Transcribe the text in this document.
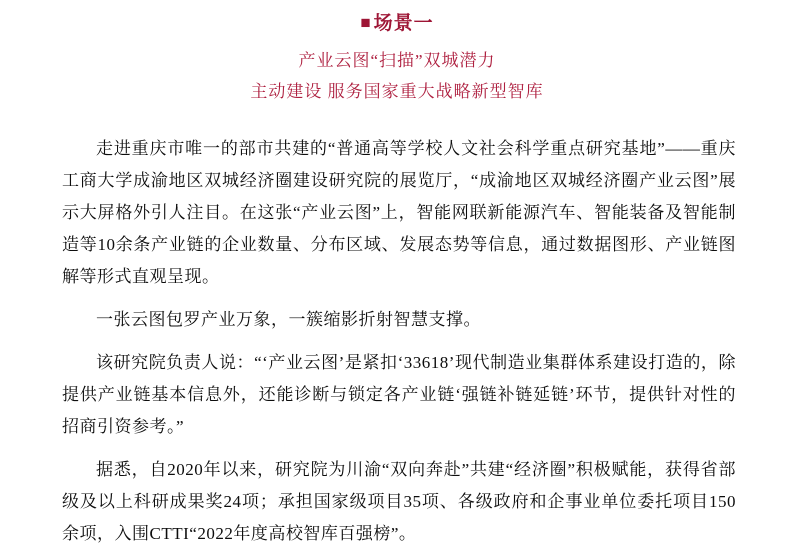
■ 场景一
产业云图“扫描”双城潜力
主动建设 服务国家重大战略新型智库

走进重庆市唯一的部市共建的“普通高等学校人文社会科学重点研究基地”——重庆工商大学成渝地区双城经济圈建设研究院的展览厅，“成渝地区双城经济圈产业云图”展示大屏格外引人注目。在这张“产业云图”上，智能网联新能源汽车、智能装备及智能制造等10余条产业链的企业数量、分布区域、发展态势等信息，通过数据图形、产业链图解等形式直观呈现。

一张云图包罗产业万象，一簇缩影折射智慧支撑。

该研究院负责人说：“‘产业云图’是紧扣‘33618’现代制造业集群体系建设打造的，除提供产业链基本信息外，还能诊断与锁定各产业链‘强链补链延链’环节，提供针对性的招商引资参考。”

据悉，自2020年以来，研究院为川渝“双向奔赴”共建“经济圈”积极赋能，获得省部级及以上科研成果奖24项；承担国家级项目35项、各级政府和企事业单位委托项目150余项，入围CTTI“2022年度高校智库百强榜”。
